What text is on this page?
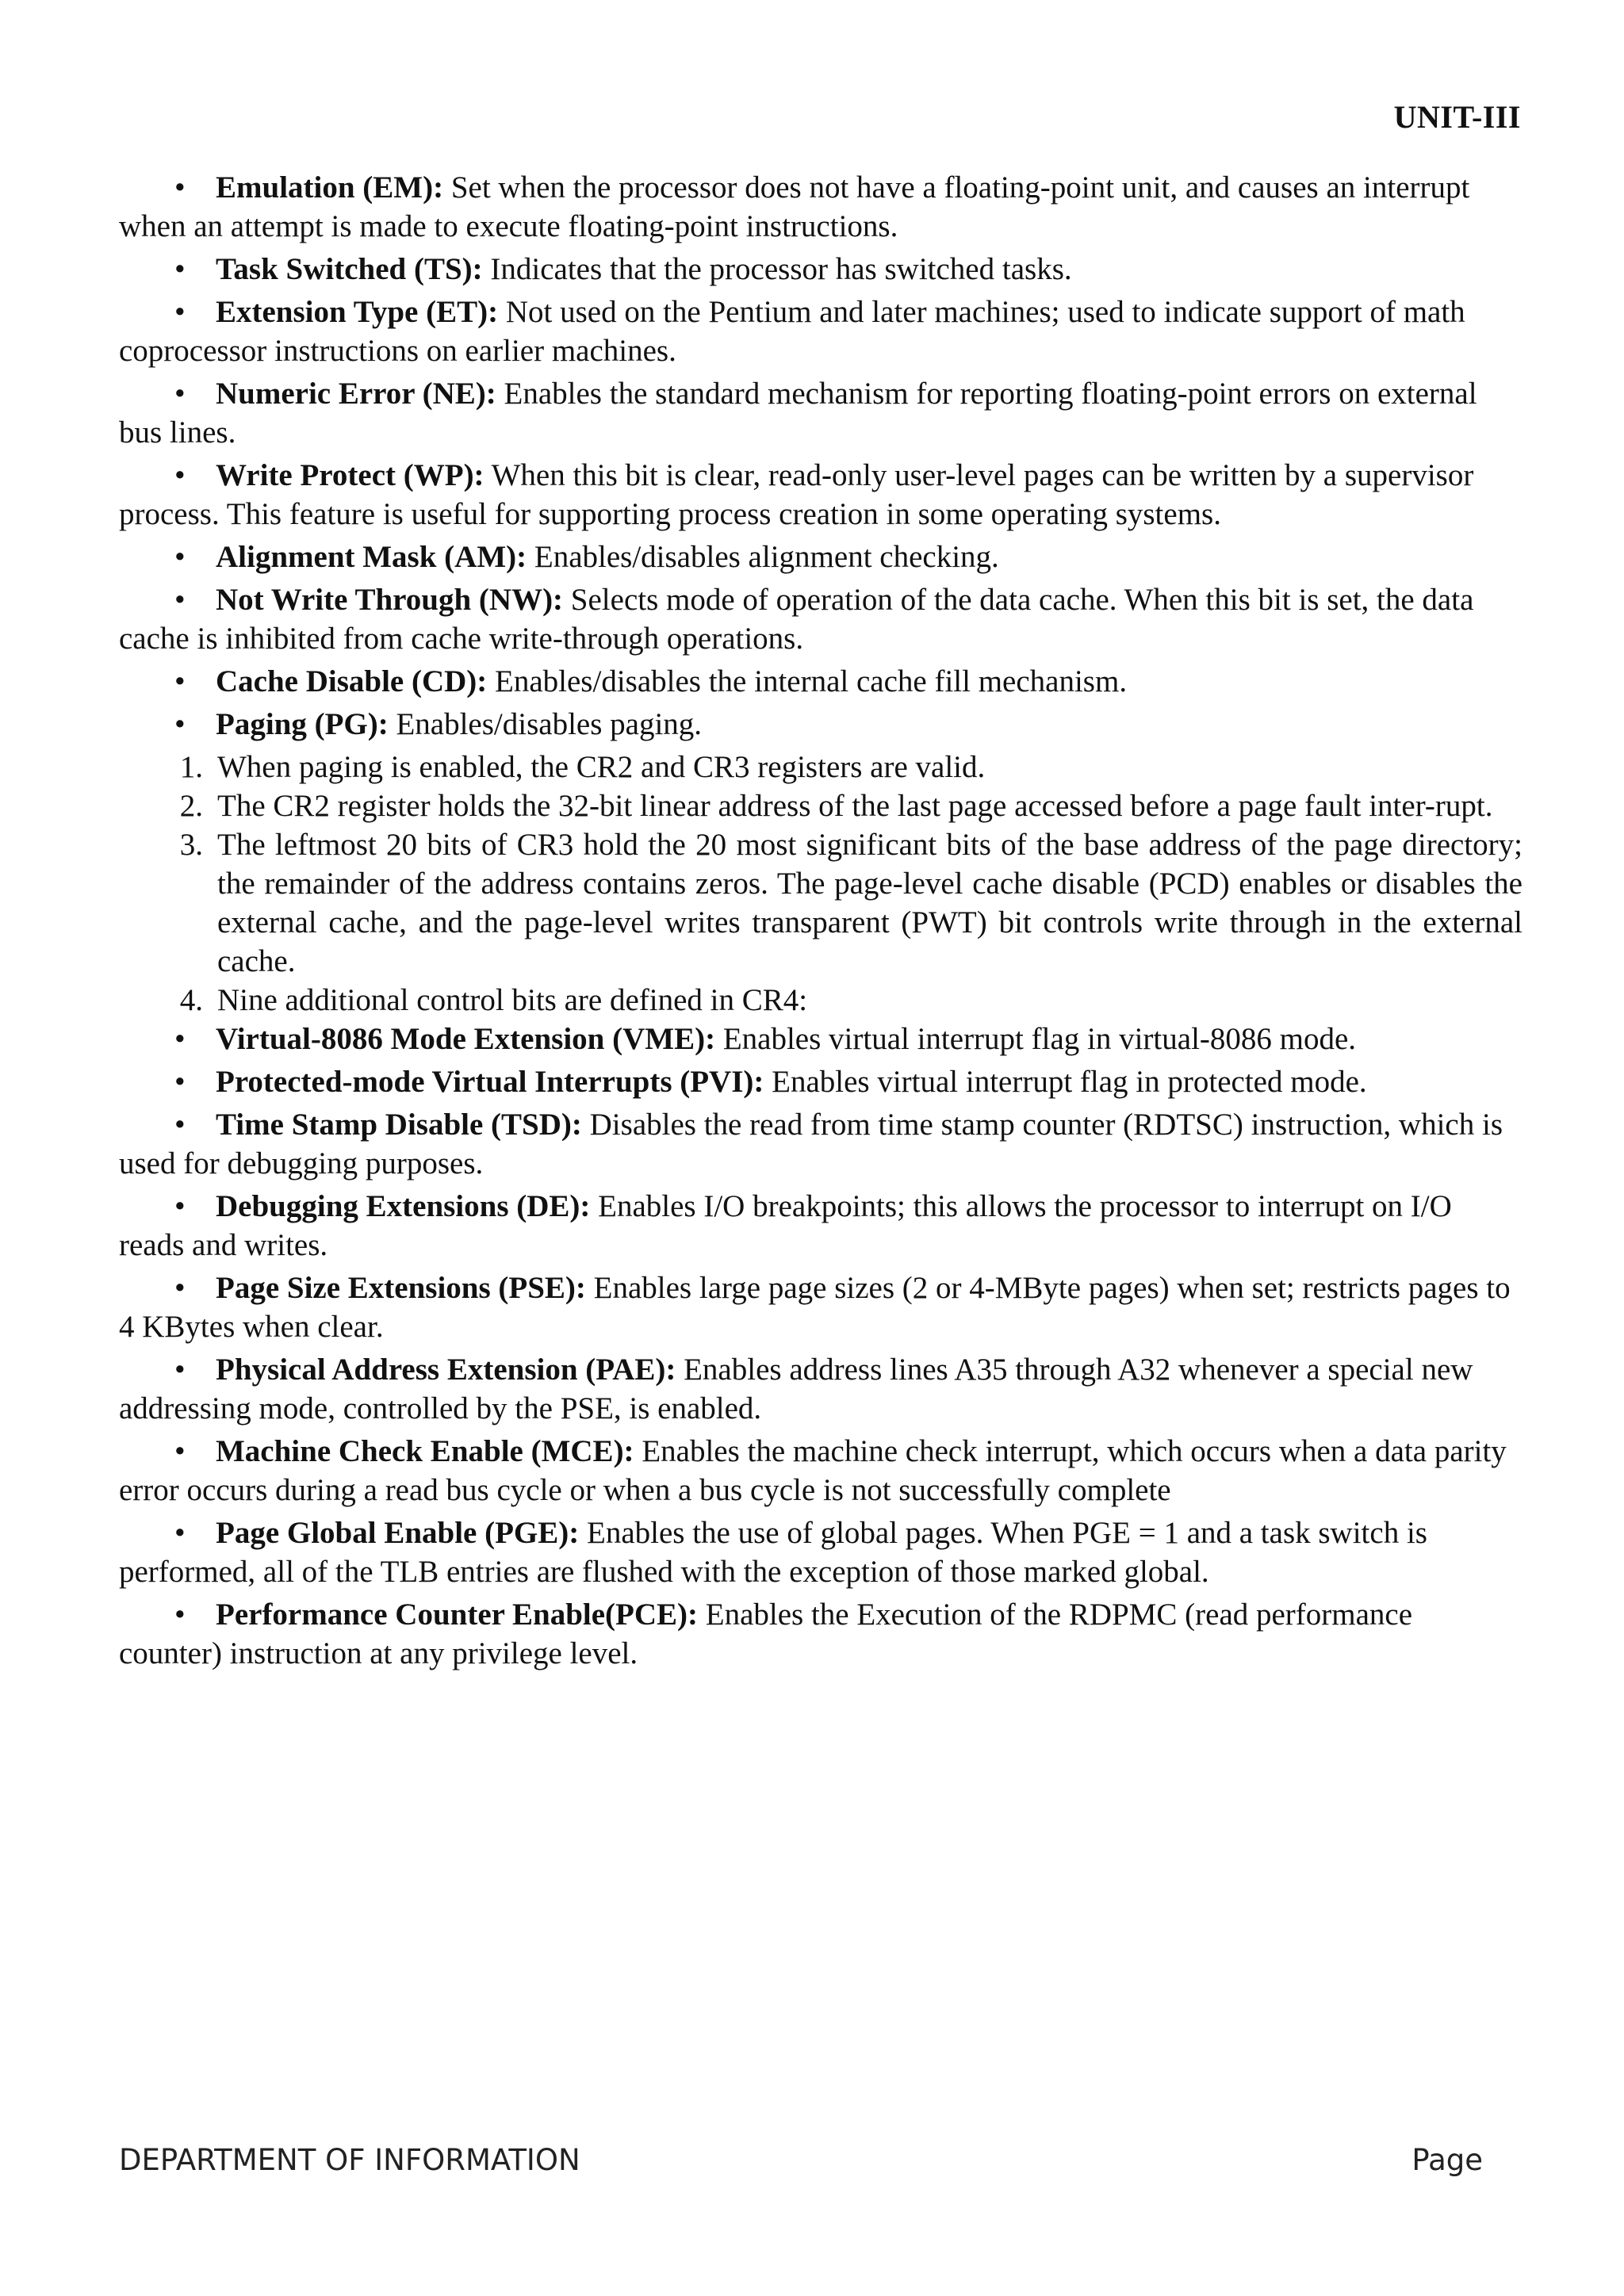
UNIT-III
• Emulation (EM): Set when the processor does not have a floating-point unit, and causes an interrupt when an attempt is made to execute floating-point instructions.
• Task Switched (TS): Indicates that the processor has switched tasks.
• Extension Type (ET): Not used on the Pentium and later machines; used to indicate support of math coprocessor instructions on earlier machines.
• Numeric Error (NE): Enables the standard mechanism for reporting floating-point errors on external bus lines.
• Write Protect (WP): When this bit is clear, read-only user-level pages can be written by a supervisor process. This feature is useful for supporting process creation in some operating systems.
• Alignment Mask (AM): Enables/disables alignment checking.
• Not Write Through (NW): Selects mode of operation of the data cache. When this bit is set, the data cache is inhibited from cache write-through operations.
• Cache Disable (CD): Enables/disables the internal cache fill mechanism.
• Paging (PG): Enables/disables paging.
1. When paging is enabled, the CR2 and CR3 registers are valid.
2. The CR2 register holds the 32-bit linear address of the last page accessed before a page fault inter-rupt.
3. The leftmost 20 bits of CR3 hold the 20 most significant bits of the base address of the page directory; the remainder of the address contains zeros. The page-level cache disable (PCD) enables or disables the external cache, and the page-level writes transparent (PWT) bit controls write through in the external cache.
4. Nine additional control bits are defined in CR4:
• Virtual-8086 Mode Extension (VME): Enables virtual interrupt flag in virtual-8086 mode.
• Protected-mode Virtual Interrupts (PVI): Enables virtual interrupt flag in protected mode.
• Time Stamp Disable (TSD): Disables the read from time stamp counter (RDTSC) instruction, which is used for debugging purposes.
• Debugging Extensions (DE): Enables I/O breakpoints; this allows the processor to interrupt on I/O reads and writes.
• Page Size Extensions (PSE): Enables large page sizes (2 or 4-MByte pages) when set; restricts pages to 4 KBytes when clear.
• Physical Address Extension (PAE): Enables address lines A35 through A32 whenever a special new addressing mode, controlled by the PSE, is enabled.
• Machine Check Enable (MCE): Enables the machine check interrupt, which occurs when a data parity error occurs during a read bus cycle or when a bus cycle is not successfully complete
• Page Global Enable (PGE): Enables the use of global pages. When PGE = 1 and a task switch is performed, all of the TLB entries are flushed with the exception of those marked global.
• Performance Counter Enable(PCE): Enables the Execution of the RDPMC (read performance counter) instruction at any privilege level.
DEPARTMENT OF INFORMATION	Page
